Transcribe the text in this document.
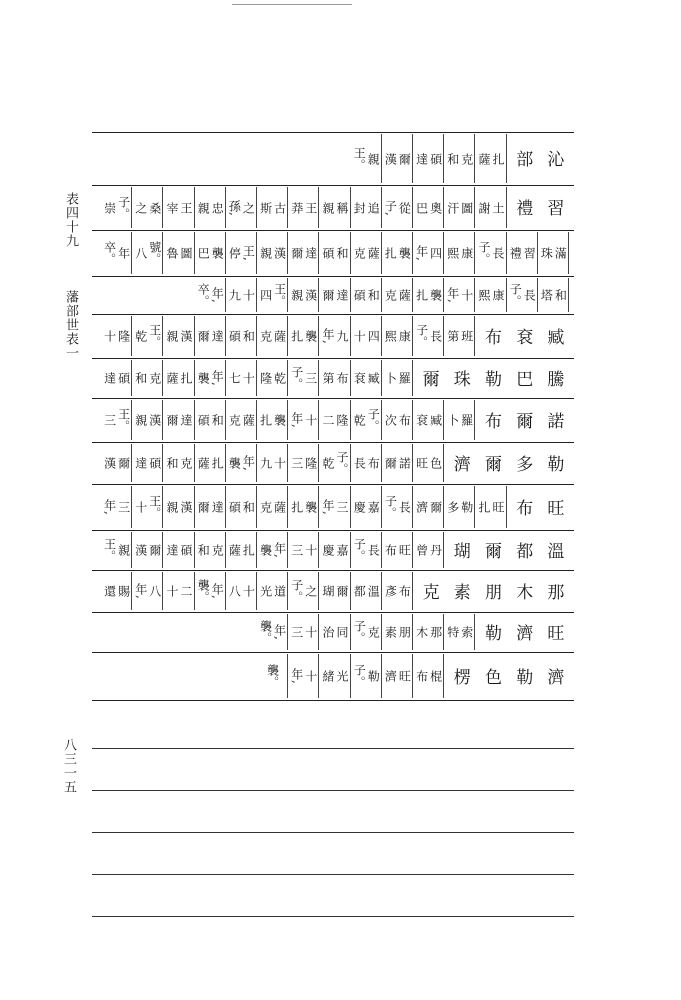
表四十九
藩部世表一
八三一五
沁
部
扎
薩
克
和
碩
達
爾
漢
親
王。
習
禮
土
謝
圖
汗
奧
巴
從
子,
追
封
稱
親
王
莽
古
斯
之
孫,
忠
親
王
宰
桑
之
子。
崇
滿
珠
習
禮
長
子。
康
熙
四
年,
襲
扎
薩
克
和
碩
達
爾
漢
親
王,
停
襲
巴
圖
魯
號。
八
年
卒。
和
塔
長
子。
康
熙
十
年,
襲
扎
薩
克
和
碩
達
爾
漢
親
王。
四
十
九
年,
卒。
臧
袞
布
班
第
長
子。
康
熙
四
十
九
年,
襲
扎
薩
克
和
碩
達
爾
漢
親
王。
乾
隆
十
騰
巴
勒
珠
爾
羅
卜
臧
袞
布
第
三
子。
乾
隆
十
七
年,
襲
扎
薩
克
和
碩
達
諾
爾
布
羅
卜
臧
袞
布
次
子。
乾
隆
二
十
年,
襲
扎
薩
克
和
碩
達
爾
漢
親
王。
三
勒
多
爾
濟
色
旺
諾
爾
布
長
子。
乾
隆
三
十
九
年,
襲
扎
薩
克
和
碩
達
爾
漢
旺
布
旺
扎
勒
多
爾
濟
長
子。
嘉
慶
三
年,
襲
扎
薩
克
和
碩
達
爾
漢
親
王。
十
三
年,
溫
都
爾
瑚
丹
曾
旺
布
長
子。
嘉
慶
十
三
年,
襲
扎
薩
克
和
碩
達
爾
漢
親
王。
那
木
朋
素
克
布
彥
溫
都
爾
瑚
之
子。
道
光
十
八
年,
襲。
二
十
八
年,
賜
還
旺
濟
勒
索
特
那
木
朋
素
克
子。
同
治
十
三
年,
襲。
濟
勒
色
楞
棍
布
旺
濟
勒
子。
光
緒
十
年,
襲。
